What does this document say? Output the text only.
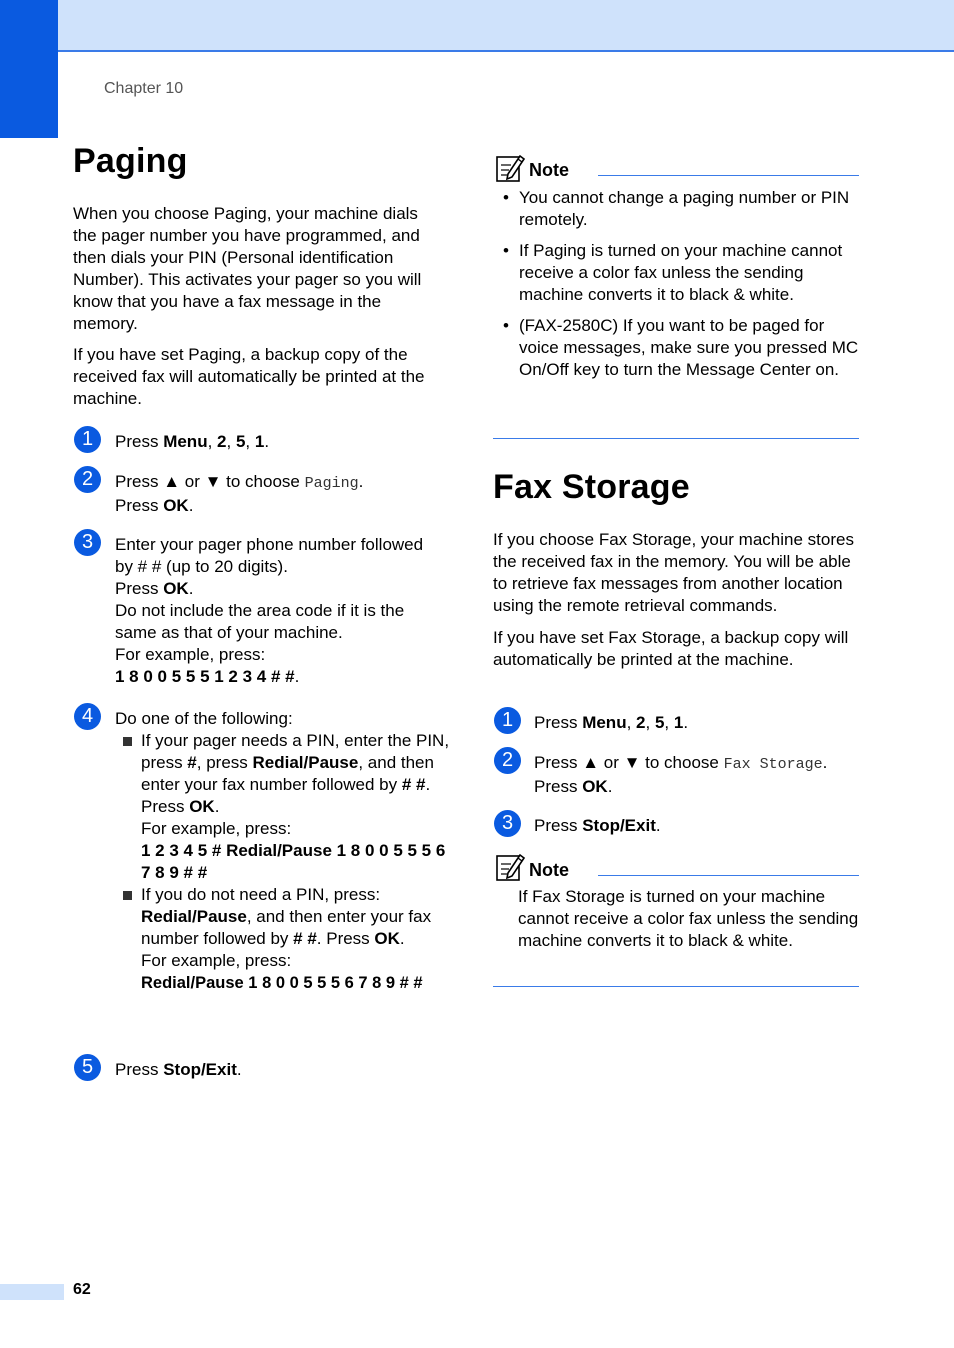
Chapter 10
Paging

When you choose Paging, your machine dials the pager number you have programmed, and then dials your PIN (Personal identification Number). This activates your pager so you will know that you have a fax message in the memory.

If you have set Paging, a backup copy of the received fax will automatically be printed at the machine.

1	Press Menu, 2, 5, 1.
2	Press ▲ or ▼ to choose Paging.

Press OK.

3	Enter your pager phone number followed by # # (up to 20 digits).

Press OK.

Do not include the area code if it is the same as that of your machine.

For example, press:

1 8 0 0 5 5 5 1 2 3 4 # #.

4	Do one of the following:

If your pager needs a PIN, enter the PIN, press #, press Redial/Pause, and then enter your fax number followed by # #.

Press OK.

For example, press:

1 2 3 4 5 # Redial/Pause 1 8 0 0 5 5 5 6 7 8 9 # #

If you do not need a PIN, press: Redial/Pause, and then enter your fax number followed by # #. Press OK.

For example, press:

Redial/Pause 1 8 0 0 5 5 5 6 7 8 9 # #

5	Press Stop/Exit.
Note
• You cannot change a paging number or PIN remotely.
• If Paging is turned on your machine cannot receive a color fax unless the sending machine converts it to black & white.
• (FAX-2580C) If you want to be paged for voice messages, make sure you pressed MC On/Off key to turn the Message Center on.
Fax Storage

If you choose Fax Storage, your machine stores the received fax in the memory. You will be able to retrieve fax messages from another location using the remote retrieval commands.

If you have set Fax Storage, a backup copy will automatically be printed at the machine.

1	Press Menu, 2, 5, 1.
2	Press ▲ or ▼ to choose Fax Storage.

Press OK.

3	Press Stop/Exit.
Note
If Fax Storage is turned on your machine cannot receive a color fax unless the sending machine converts it to black & white.
62
